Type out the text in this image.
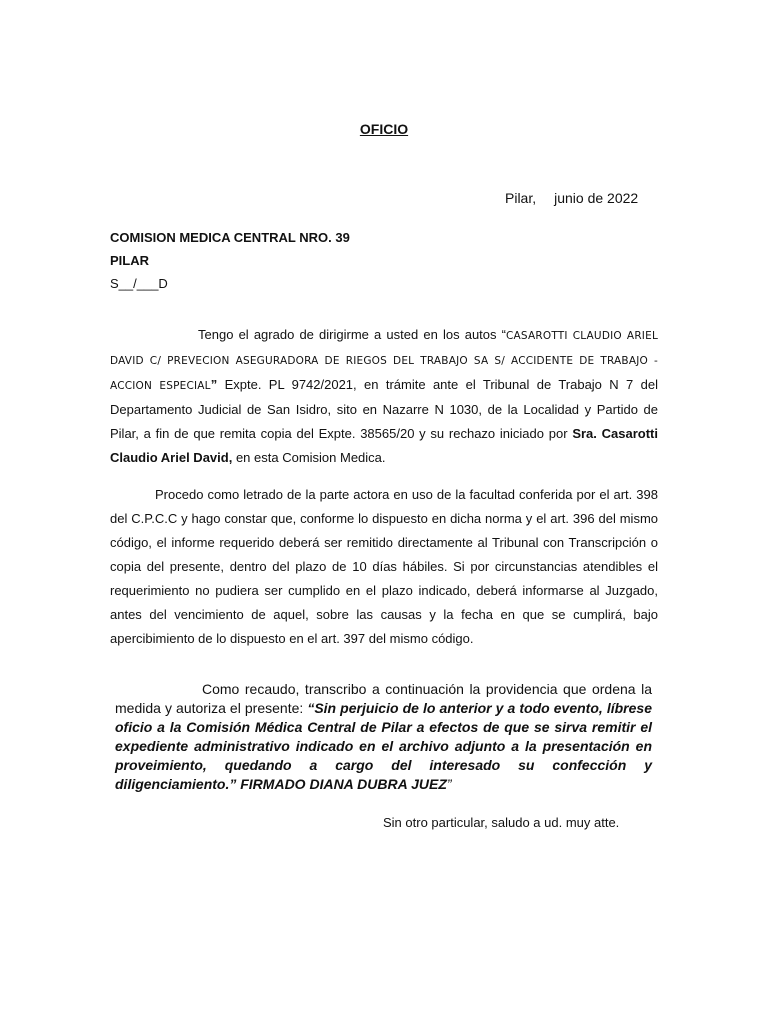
OFICIO
Pilar, junio de 2022
COMISION MEDICA CENTRAL NRO. 39
PILAR
S__/___D
Tengo el agrado de dirigirme a usted en los autos “CASAROTTI CLAUDIO ARIEL DAVID C/ PREVECION ASEGURADORA DE RIEGOS DEL TRABAJO SA S/ ACCIDENTE DE TRABAJO - ACCION ESPECIAL” Expte. PL 9742/2021, en trámite ante el Tribunal de Trabajo N 7 del Departamento Judicial de San Isidro, sito en Nazarre N 1030, de la Localidad y Partido de Pilar, a fin de que remita copia del Expte. 38565/20 y su rechazo iniciado por Sra. Casarotti Claudio Ariel David, en esta Comision Medica.
Procedo como letrado de la parte actora en uso de la facultad conferida por el art. 398 del C.P.C.C y hago constar que, conforme lo dispuesto en dicha norma y el art. 396 del mismo código, el informe requerido deberá ser remitido directamente al Tribunal con Transcripción o copia del presente, dentro del plazo de 10 días hábiles. Si por circunstancias atendibles el requerimiento no pudiera ser cumplido en el plazo indicado, deberá informarse al Juzgado, antes del vencimiento de aquel, sobre las causas y la fecha en que se cumplirá, bajo apercibimiento de lo dispuesto en el art. 397 del mismo código.
Como recaudo, transcribo a continuación la providencia que ordena la medida y autoriza el presente: “Sin perjuicio de lo anterior y a todo evento, líbrese oficio a la Comisión Médica Central de Pilar a efectos de que se sirva remitir el expediente administrativo indicado en el archivo adjunto a la presentación en proveimiento, quedando a cargo del interesado su confección y diligenciamiento.” FIRMADO DIANA DUBRA JUEZ”
Sin otro particular, saludo a ud. muy atte.
